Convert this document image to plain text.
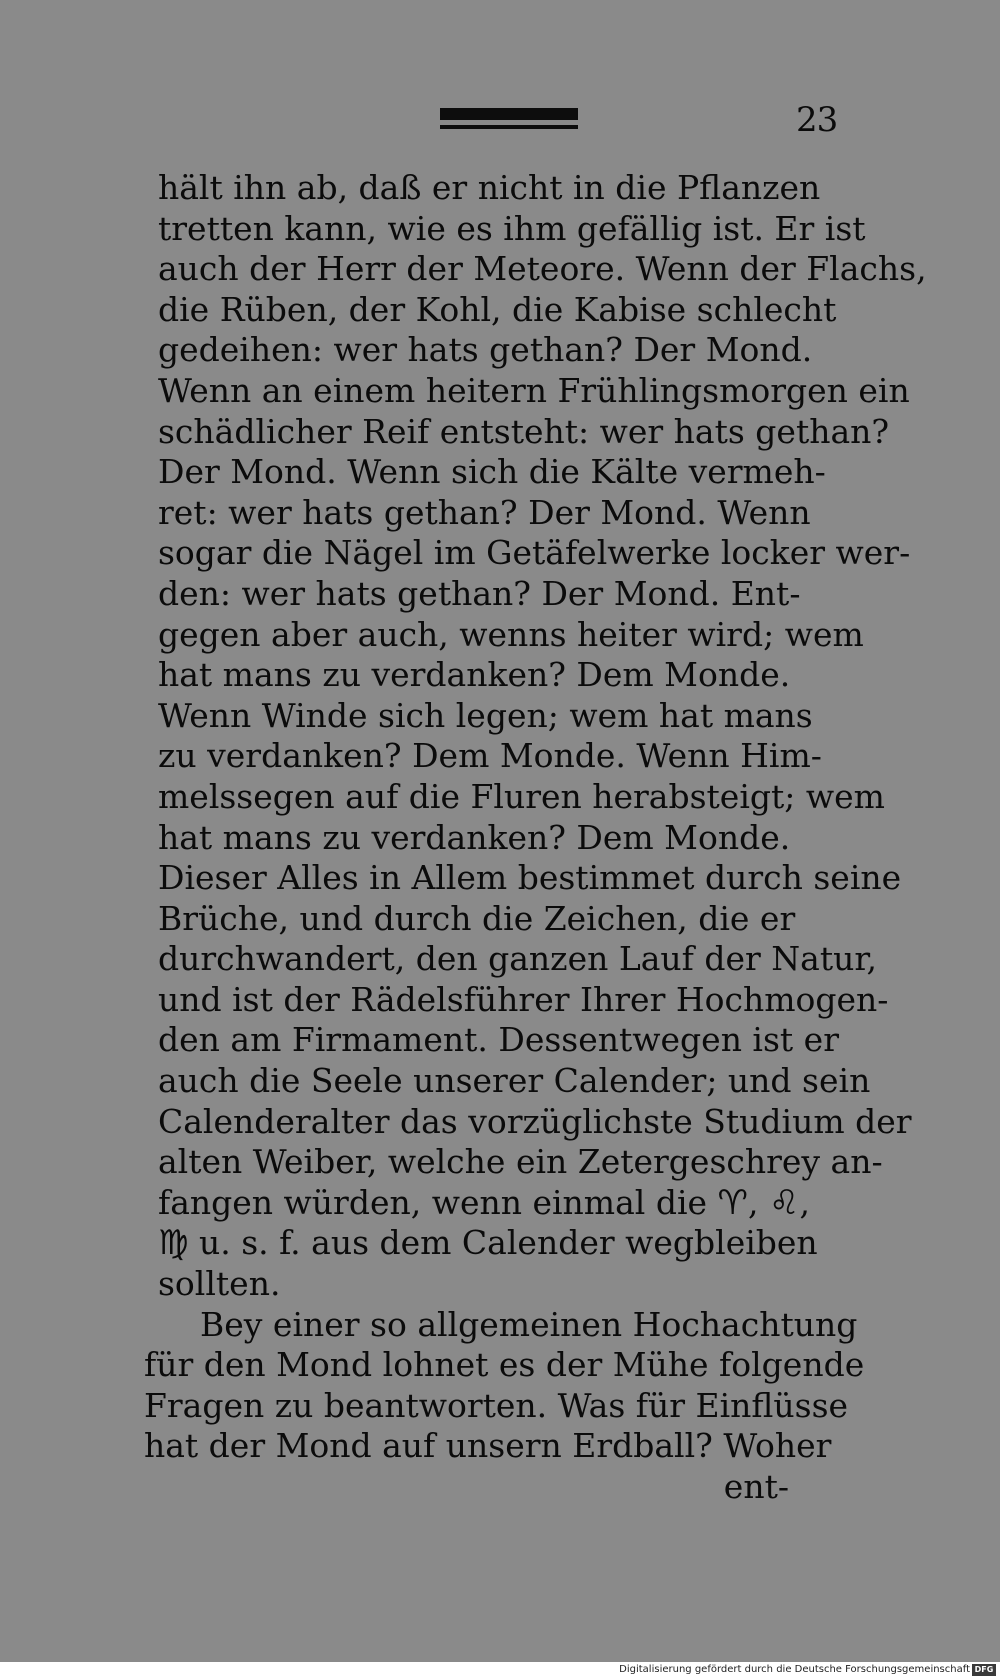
23
hält ihn ab, daß er nicht in die Pflanzen
tretten kann, wie es ihm gefällig ist. Er ist
auch der Herr der Meteore. Wenn der Flachs,
die Rüben, der Kohl, die Kabise schlecht
gedeihen: wer hats gethan? Der Mond.
Wenn an einem heitern Frühlingsmorgen ein
schädlicher Reif entsteht: wer hats gethan?
Der Mond. Wenn sich die Kälte vermeh-
ret: wer hats gethan? Der Mond. Wenn
sogar die Nägel im Getäfelwerke locker wer-
den: wer hats gethan? Der Mond. Ent-
gegen aber auch, wenns heiter wird; wem
hat mans zu verdanken? Dem Monde.
Wenn Winde sich legen; wem hat mans
zu verdanken? Dem Monde. Wenn Him-
melssegen auf die Fluren herabsteigt; wem
hat mans zu verdanken? Dem Monde.
Dieser Alles in Allem bestimmet durch seine
Brüche, und durch die Zeichen, die er
durchwandert, den ganzen Lauf der Natur,
und ist der Rädelsführer Ihrer Hochmogen-
den am Firmament. Dessentwegen ist er
auch die Seele unserer Calender; und sein
Calenderalter das vorzüglichste Studium der
alten Weiber, welche ein Zetergeschrey an-
fangen würden, wenn einmal die ♈, ♌,
♍ u. s. f. aus dem Calender wegbleiben
sollten.
Bey einer so allgemeinen Hochachtung
für den Mond lohnet es der Mühe folgende
Fragen zu beantworten. Was für Einflüsse
hat der Mond auf unsern Erdball? Woher
ent-
Digitalisierung gefördert durch die Deutsche Forschungsgemeinschaft DFG
